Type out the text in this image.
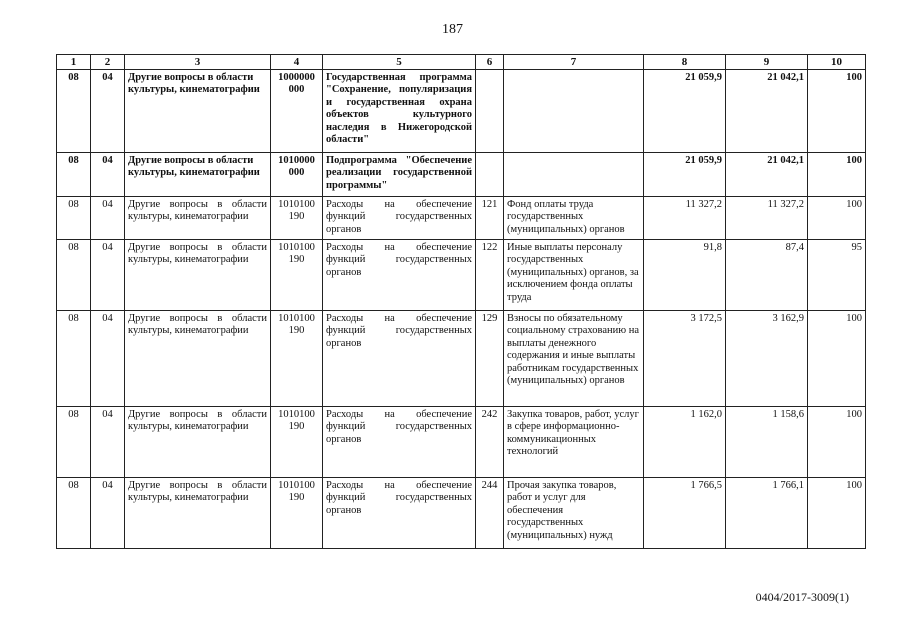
187
1	2	3	4	5	6	7	8	9	10
08	04	Другие вопросы в области культуры, кинематографии	1000000 000	Государственная программа "Сохранение, популяризация и государственная охрана объектов культурного наследия в Нижегородской области"			21 059,9	21 042,1	100
08	04	Другие вопросы в области культуры, кинематографии	1010000 000	Подпрограмма "Обеспечение реализации государственной программы"			21 059,9	21 042,1	100
08	04	Другие вопросы в области культуры, кинематографии	1010100 190	Расходы на обеспечение функций государственных органов	121	Фонд оплаты труда государственных (муниципальных) органов	11 327,2	11 327,2	100
08	04	Другие вопросы в области культуры, кинематографии	1010100 190	Расходы на обеспечение функций государственных органов	122	Иные выплаты персоналу государственных (муниципальных) органов, за исключением фонда оплаты труда	91,8	87,4	95
08	04	Другие вопросы в области культуры, кинематографии	1010100 190	Расходы на обеспечение функций государственных органов	129	Взносы по обязательному социальному страхованию на выплаты денежного содержания и иные выплаты работникам государственных (муниципальных) органов	3 172,5	3 162,9	100
08	04	Другие вопросы в области культуры, кинематографии	1010100 190	Расходы на обеспечение функций государственных органов	242	Закупка товаров, работ, услуг в сфере информационно-коммуникационных технологий	1 162,0	1 158,6	100
08	04	Другие вопросы в области культуры, кинематографии	1010100 190	Расходы на обеспечение функций государственных органов	244	Прочая закупка товаров, работ и услуг для обеспечения государственных (муниципальных) нужд	1 766,5	1 766,1	100
0404/2017-3009(1)
